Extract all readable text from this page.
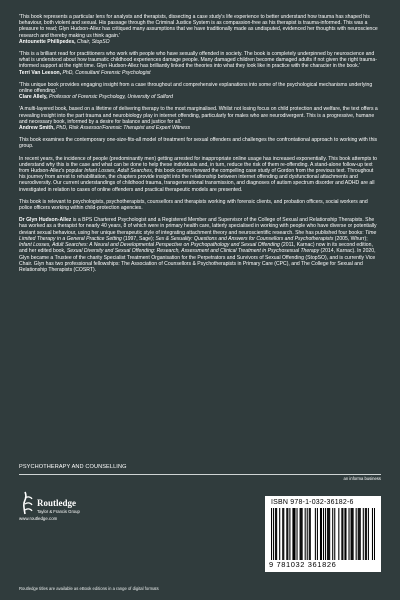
'This book represents a particular lens for analysts and therapists, dissecting a case study's life experience to better understand how trauma has shaped his behaviour, both violent and sexual. His passage through the Criminal Justice System is as compassion-free as his therapist is trauma-informed. This was a pleasure to read; Glyn Hudson-Allez has critiqued many assumptions that we have traditionally made as undisputed, evidenced her thoughts with neuroscience research and thereby making us think again.'
Antounette Phillipedes, Chair, StopSO
'This is a brilliant read for practitioners who work with people who have sexually offended in society. The book is completely underpinned by neuroscience and what is understood about how traumatic childhood experiences damage people. Many damaged children become damaged adults if not given the right trauma-informed support at the right time. Glyn Hudson-Allez has brilliantly linked the theories into what they look like in practice with the character in the book.'
Terri Van Leeson, PhD, Consultant Forensic Psychologist
'This unique book provides engaging insight from a case throughout and comprehensive explanations into some of the psychological mechanisms underlying online offending.'
Clare Allely, Professor of Forensic Psychology, University of Salford
'A multi-layered book, based on a lifetime of delivering therapy to the most marginalised. Whilst not losing focus on child protection and welfare, the text offers a revealing insight into the part trauma and neurobiology play in internet offending, particularly for males who are neurodivergent. This is a progressive, humane and necessary book, informed by a desire for balance and justice for all.'
Andrew Smith, PhD, Risk Assessor/Forensic Therapist and Expert Witness

This book examines the contemporary one-size-fits-all model of treatment for sexual offenders and challenges the confrontational approach to working with this group.

In recent years, the incidence of people (predominantly men) getting arrested for inappropriate online usage has increased exponentially. This book attempts to understand why this is the case and what can be done to help these individuals and, in turn, reduce the risk of them re-offending. A stand-alone follow-up text from Hudson-Allez's popular Infant Losses, Adult Searches, this book carries forward the compelling case study of Gordon from the previous text. Throughout his journey from arrest to rehabilitation, the chapters provide insight into the relationship between internet offending and dysfunctional attachments and neurodiversity. Our current understandings of childhood trauma, transgenerational transmission, and diagnoses of autism spectrum disorder and ADHD are all investigated in relation to cases of online offenders and practical therapeutic models are presented.

This book is relevant to psychologists, psychotherapists, counsellors and therapists working with forensic clients, and probation officers, social workers and police officers working within child-protection agencies.

Dr Glyn Hudson-Allez is a BPS Chartered Psychologist and a Registered Member and Supervisor of the College of Sexual and Relationship Therapists. She has worked as a therapist for nearly 40 years, 8 of which were in primary health care, latterly specialised in working with people who have diverse or potentially deviant sexual behaviour, using her unique therapeutic style of integrating attachment theory and neuroscientific research. She has published four books: Time Limited Therapy in a General Practice Setting (1997, Sage); Sex & Sexuality: Questions and Answers for Counsellors and Psychotherapists (2005, Whurr); Infant Losses, Adult Searches: A Neural and Developmental Perspective on Psychopathology and Sexual Offending (2011, Karnac) now in its second edition, and her edited book, Sexual Diversity and Sexual Offending: Research, Assessment and Clinical Treatment in Psychosexual Therapy (2014, Karnac). In 2020, Glyn became a Trustee of the charity Specialist Treatment Organisation for the Perpetrators and Survivors of Sexual Offending (StopSO), and is currently Vice Chair. Glyn has two professional fellowships: The Association of Counsellors & Psychotherapists in Primary Care (CPC), and The College for Sexual and Relationship Therapists (COSRT).

PSYCHOTHERAPY AND COUNSELLING
an informa business
Routledge
Taylor & Francis Group
www.routledge.com
ISBN 978-1-032-36182-6
9 781032 361826
Routledge titles are available as eBook editions in a range of digital formats
